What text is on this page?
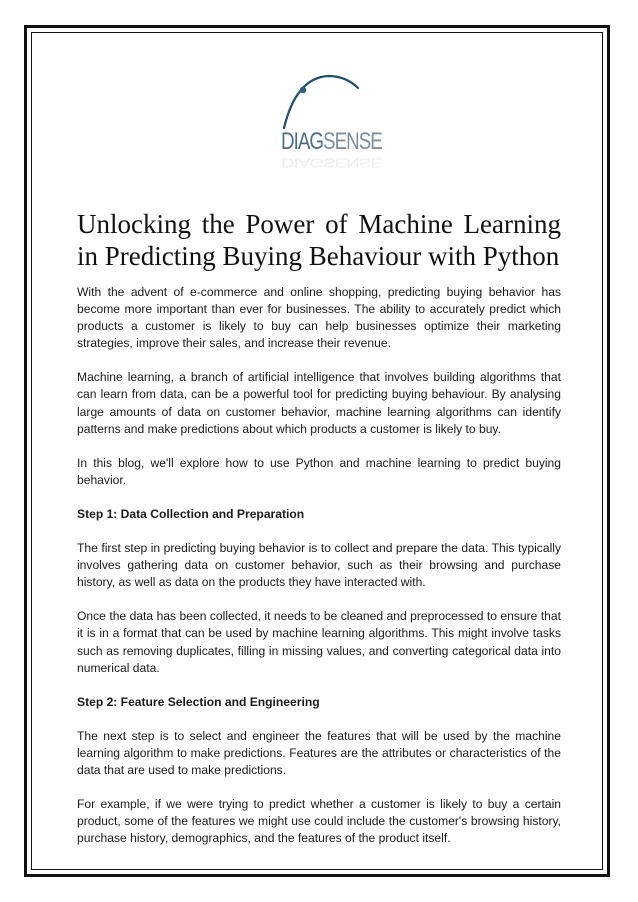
DIAGSENSE
DIAGSENSE
Unlocking the Power of Machine Learning in Predicting Buying Behaviour with Python

With the advent of e-commerce and online shopping, predicting buying behavior has become more important than ever for businesses. The ability to accurately predict which products a customer is likely to buy can help businesses optimize their marketing strategies, improve their sales, and increase their revenue.

Machine learning, a branch of artificial intelligence that involves building algorithms that can learn from data, can be a powerful tool for predicting buying behaviour. By analysing large amounts of data on customer behavior, machine learning algorithms can identify patterns and make predictions about which products a customer is likely to buy.

In this blog, we'll explore how to use Python and machine learning to predict buying behavior.

Step 1: Data Collection and Preparation

The first step in predicting buying behavior is to collect and prepare the data. This typically involves gathering data on customer behavior, such as their browsing and purchase history, as well as data on the products they have interacted with.

Once the data has been collected, it needs to be cleaned and preprocessed to ensure that it is in a format that can be used by machine learning algorithms. This might involve tasks such as removing duplicates, filling in missing values, and converting categorical data into numerical data.

Step 2: Feature Selection and Engineering

The next step is to select and engineer the features that will be used by the machine learning algorithm to make predictions. Features are the attributes or characteristics of the data that are used to make predictions.

For example, if we were trying to predict whether a customer is likely to buy a certain product, some of the features we might use could include the customer's browsing history, purchase history, demographics, and the features of the product itself.
